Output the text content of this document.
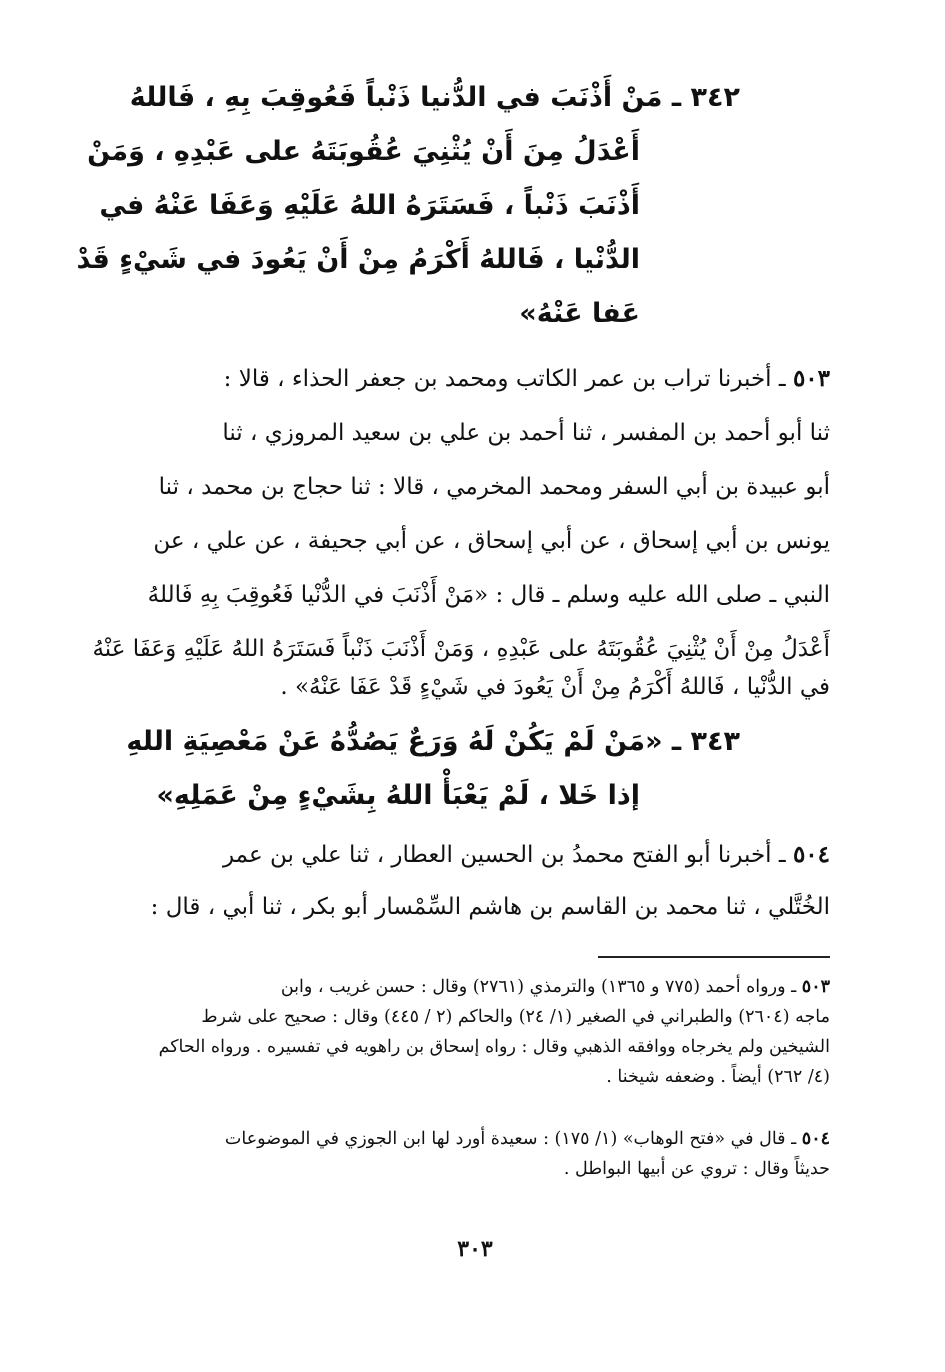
٣٤٢ ـ مَنْ أَذْنَبَ في الدُّنيا ذَنْباً فَعُوقِبَ بِهِ ، فَاللهُ
أَعْدَلُ مِنَ أَنْ يُثْنِيَ عُقُوبَتَهُ على عَبْدِهِ ، وَمَنْ
أَذْنَبَ ذَنْباً ، فَسَتَرَهُ اللهُ عَلَيْهِ وَعَفَا عَنْهُ في
الدُّنْيا ، فَاللهُ أَكْرَمُ مِنْ أَنْ يَعُودَ في شَيْءٍ قَدْ
عَفا عَنْهُ»
٥٠٣ ـ أخبرنا تراب بن عمر الكاتب ومحمد بن جعفر الحذاء ، قالا :
ثنا أبو أحمد بن المفسر ، ثنا أحمد بن علي بن سعيد المروزي ، ثنا
أبو عبيدة بن أبي السفر ومحمد المخرمي ، قالا : ثنا حجاج بن محمد ، ثنا
يونس بن أبي إسحاق ، عن أبي إسحاق ، عن أبي جحيفة ، عن علي ، عن
النبي ـ صلى الله عليه وسلم ـ قال : «مَنْ أَذْنَبَ في الدُّنْيا فَعُوقِبَ بِهِ فَاللهُ
أَعْدَلُ مِنْ أَنْ يُثْنِيَ عُقُوبَتَهُ على عَبْدِهِ ، وَمَنْ أَذْنَبَ ذَنْباً فَسَتَرَهُ اللهُ عَلَيْهِ وَعَفَا عَنْهُ
في الدُّنْيا ، فَاللهُ أَكْرَمُ مِنْ أَنْ يَعُودَ في شَيْءٍ قَدْ عَفَا عَنْهُ» .
٣٤٣ ـ «مَنْ لَمْ يَكُنْ لَهُ وَرَعٌ يَصُدُّهُ عَنْ مَعْصِيَةِ اللهِ
إذا خَلا ، لَمْ يَعْبَأْ اللهُ بِشَيْءٍ مِنْ عَمَلِهِ»
٥٠٤ ـ أخبرنا أبو الفتح محمدُ بن الحسين العطار ، ثنا علي بن عمر
الخُتَّلي ، ثنا محمد بن القاسم بن هاشم السِّمْسار أبو بكر ، ثنا أبي ، قال :
٥٠٣ ـ ورواه أحمد (٧٧٥ و ١٣٦٥) والترمذي (٢٧٦١) وقال : حسن غريب ، وابن
ماجه (٢٦٠٤) والطبراني في الصغير (١/ ٢٤) والحاكم (٢ / ٤٤٥) وقال : صحيح على شرط
الشيخين ولم يخرجاه ووافقه الذهبي وقال : رواه إسحاق بن راهويه في تفسيره . ورواه الحاكم
(٤/ ٢٦٢) أيضاً . وضعفه شيخنا .
٥٠٤ ـ قال في «فتح الوهاب» (١/ ١٧٥) : سعيدة أورد لها ابن الجوزي في الموضوعات
حديثاً وقال : تروي عن أبيها البواطل .
٣٠٣
